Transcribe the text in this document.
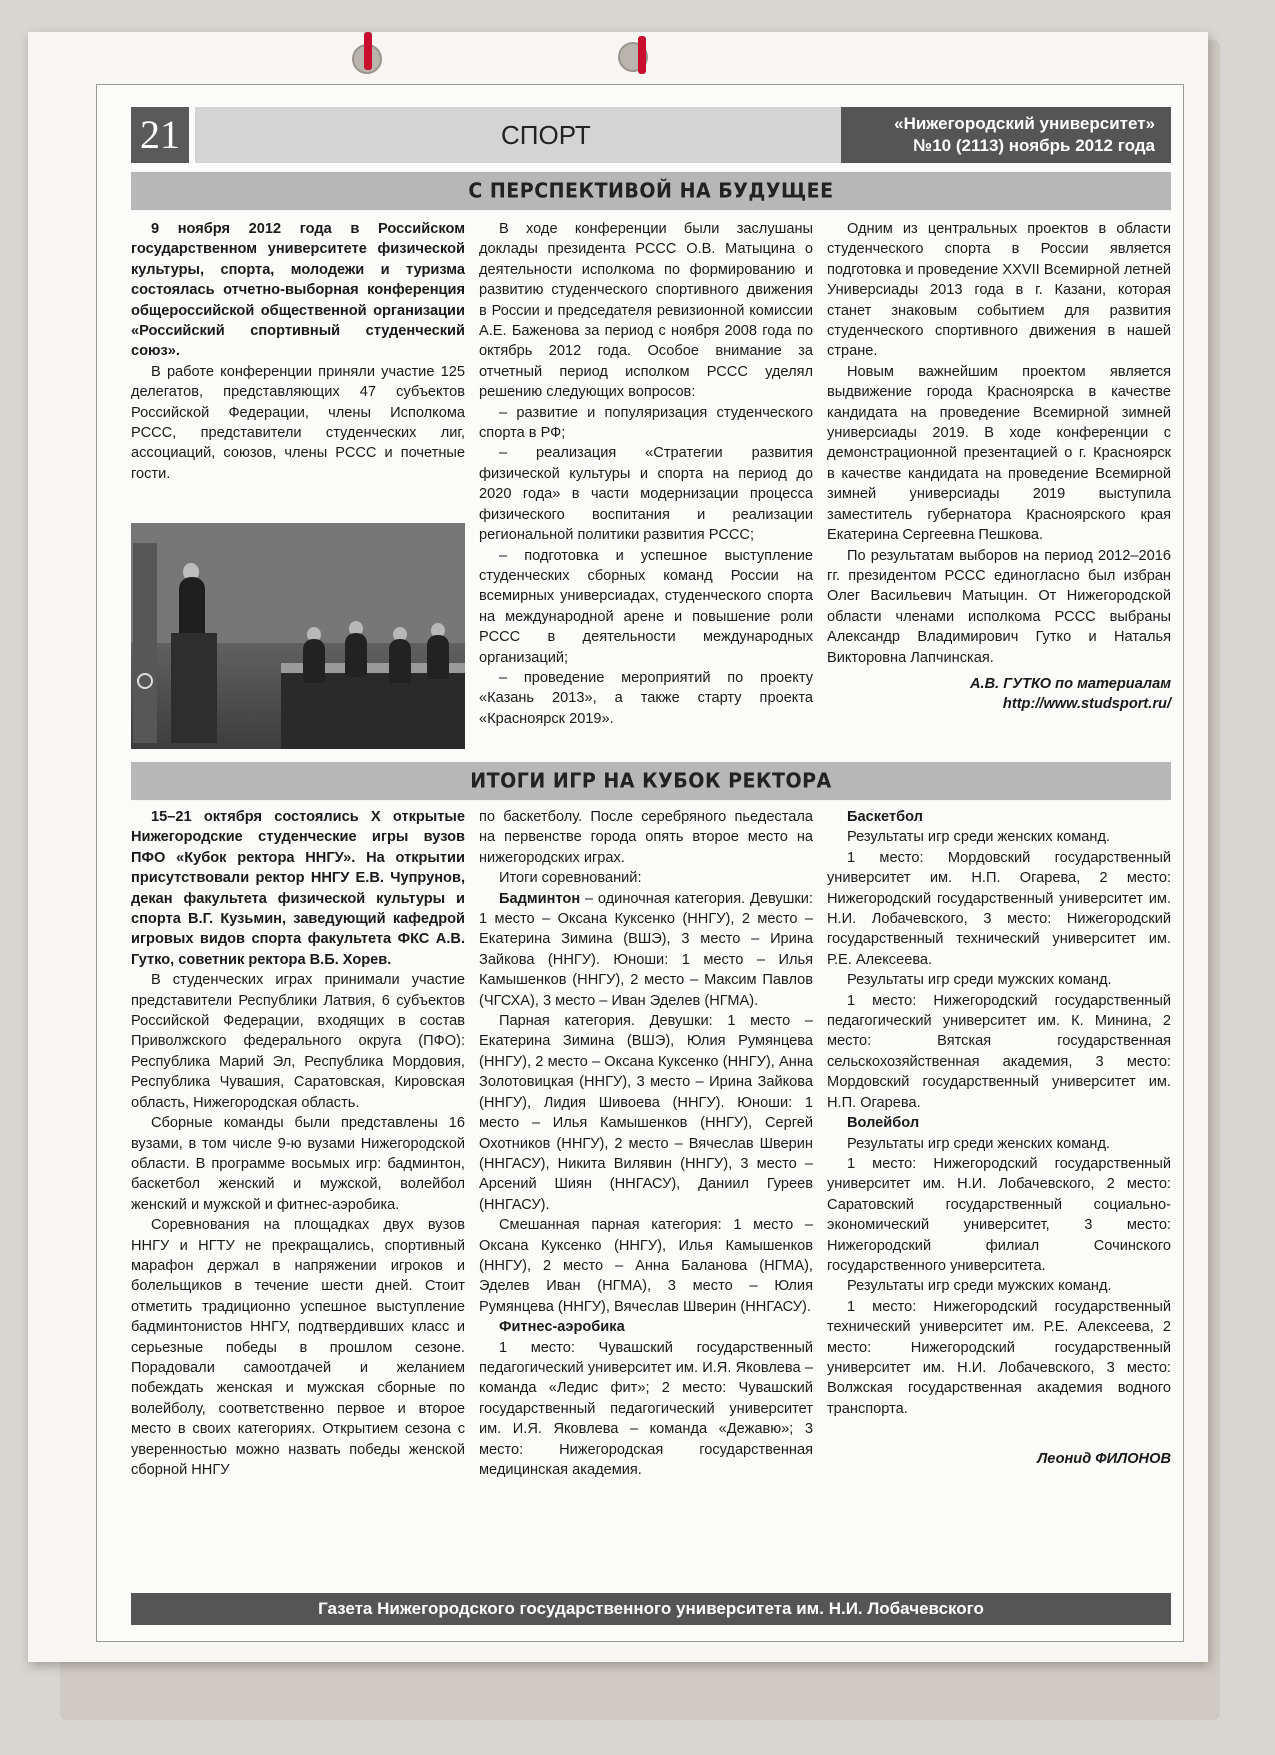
21	СПОРТ	«Нижегородский университет»
№10 (2113) ноябрь 2012 года
С ПЕРСПЕКТИВОЙ НА БУДУЩЕЕ

9 ноября 2012 года в Российском государственном университете физической культуры, спорта, молодежи и туризма состоялась отчетно-выборная конференция общероссийской общественной организации «Российский спортивный студенческий союз».

В работе конференции приняли участие 125 делегатов, представляющих 47 субъектов Российской Федерации, члены Исполкома РССС, представители студенческих лиг, ассоциаций, союзов, члены РССС и почетные гости.

В ходе конференции были заслушаны доклады президента РССС О.В. Матыцина о деятельности исполкома по формированию и развитию студенческого спортивного движения в России и председателя ревизионной комиссии А.Е. Баженова за период с ноября 2008 года по октябрь 2012 года. Особое внимание за отчетный период исполком РССС уделял решению следующих вопросов:

– развитие и популяризация студенческого спорта в РФ;

– реализация «Стратегии развития физической культуры и спорта на период до 2020 года» в части модернизации процесса физического воспитания и реализации региональной политики развития РССС;

– подготовка и успешное выступление студенческих сборных команд России на всемирных универсиадах, студенческого спорта на международной арене и повышение роли РССС в деятельности международных организаций;

– проведение мероприятий по проекту «Казань 2013», а также старту проекта «Красноярск 2019».

Одним из центральных проектов в области студенческого спорта в России является подготовка и проведение XXVII Всемирной летней Универсиады 2013 года в г. Казани, которая станет знаковым событием для развития студенческого спортивного движения в нашей стране.

Новым важнейшим проектом является выдвижение города Красноярска в качестве кандидата на проведение Всемирной зимней универсиады 2019. В ходе конференции с демонстрационной презентацией о г. Красноярск в качестве кандидата на проведение Всемирной зимней универсиады 2019 выступила заместитель губернатора Красноярского края Екатерина Сергеевна Пешкова.

По результатам выборов на период 2012–2016 гг. президентом РССС единогласно был избран Олег Васильевич Матыцин. От Нижегородской области членами исполкома РССС выбраны Александр Владимирович Гутко и Наталья Викторовна Лапчинская.

А.В. ГУТКО по материалам

http://www.studsport.ru/

ИТОГИ ИГР НА КУБОК РЕКТОРА

15–21 октября состоялись X открытые Нижегородские студенческие игры вузов ПФО «Кубок ректора ННГУ». На открытии присутствовали ректор ННГУ Е.В. Чупрунов, декан факультета физической культуры и спорта В.Г. Кузьмин, заведующий кафедрой игровых видов спорта факультета ФКС А.В. Гутко, советник ректора В.Б. Хорев.

В студенческих играх принимали участие представители Республики Латвия, 6 субъектов Российской Федерации, входящих в состав Приволжского федерального округа (ПФО): Республика Марий Эл, Республика Мордовия, Республика Чувашия, Саратовская, Кировская область, Нижегородская область.

Сборные команды были представлены 16 вузами, в том числе 9-ю вузами Нижегородской области. В программе восьмых игр: бадминтон, баскетбол женский и мужской, волейбол женский и мужской и фитнес-аэробика.

Соревнования на площадках двух вузов ННГУ и НГТУ не прекращались, спортивный марафон держал в напряжении игроков и болельщиков в течение шести дней. Стоит отметить традиционно успешное выступление бадминтонистов ННГУ, подтвердивших класс и серьезные победы в прошлом сезоне. Порадовали самоотдачей и желанием побеждать женская и мужская сборные по волейболу, соответственно первое и второе место в своих категориях. Открытием сезона с уверенностью можно назвать победы женской сборной ННГУ

по баскетболу. После серебряного пьедестала на первенстве города опять второе место на нижегородских играх.

Итоги соревнований:

Бадминтон – одиночная категория. Девушки: 1 место – Оксана Куксенко (ННГУ), 2 место – Екатерина Зимина (ВШЭ), 3 место – Ирина Зайкова (ННГУ). Юноши: 1 место – Илья Камышенков (ННГУ), 2 место – Максим Павлов (ЧГСХА), 3 место – Иван Эделев (НГМА).

Парная категория. Девушки: 1 место – Екатерина Зимина (ВШЭ), Юлия Румянцева (ННГУ), 2 место – Оксана Куксенко (ННГУ), Анна Золотовицкая (ННГУ), 3 место – Ирина Зайкова (ННГУ), Лидия Шивоева (ННГУ). Юноши: 1 место – Илья Камышенков (ННГУ), Сергей Охотников (ННГУ), 2 место – Вячеслав Шверин (ННГАСУ), Никита Вилявин (ННГУ), 3 место – Арсений Шиян (ННГАСУ), Даниил Гуреев (ННГАСУ).

Смешанная парная категория: 1 место – Оксана Куксенко (ННГУ), Илья Камышенков (ННГУ), 2 место – Анна Баланова (НГМА), Эделев Иван (НГМА), 3 место – Юлия Румянцева (ННГУ), Вячеслав Шверин (ННГАСУ).

Фитнес-аэробика

1 место: Чувашский государственный педагогический университет им. И.Я. Яковлева – команда «Ледис фит»; 2 место: Чувашский государственный педагогический университет им. И.Я. Яковлева – команда «Дежавю»; 3 место: Нижегородская государственная медицинская академия.

Баскетбол

Результаты игр среди женских команд.

1 место: Мордовский государственный университет им. Н.П. Огарева, 2 место: Нижегородский государственный университет им. Н.И. Лобачевского, 3 место: Нижегородский государственный технический университет им. Р.Е. Алексеева.

Результаты игр среди мужских команд.

1 место: Нижегородский государственный педагогический университет им. К. Минина, 2 место: Вятская государственная сельскохозяйственная академия, 3 место: Мордовский государственный университет им. Н.П. Огарева.

Волейбол

Результаты игр среди женских команд.

1 место: Нижегородский государственный университет им. Н.И. Лобачевского, 2 место: Саратовский государственный социально-экономический университет, 3 место: Нижегородский филиал Сочинского государственного университета.

Результаты игр среди мужских команд.

1 место: Нижегородский государственный технический университет им. Р.Е. Алексеева, 2 место: Нижегородский государственный университет им. Н.И. Лобачевского, 3 место: Волжская государственная академия водного транспорта.

Леонид ФИЛОНОВ

Газета Нижегородского государственного университета им. Н.И. Лобачевского
